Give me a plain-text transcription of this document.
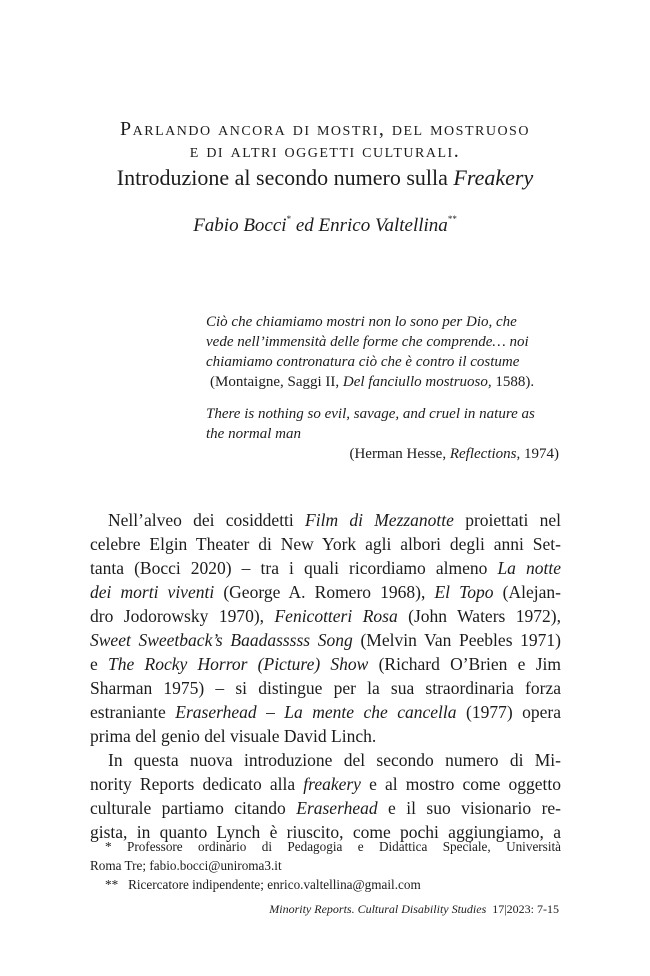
Parlando ancora di mostri, del mostruoso
e di altri oggetti culturali.
Introduzione al secondo numero sulla Freakery
Fabio Bocci* ed Enrico Valtellina**
Ciò che chiamiamo mostri non lo sono per Dio, che
vede nell’immensità delle forme che comprende… noi
chiamiamo contronatura ciò che è contro il costume
(Montaigne, Saggi II, Del fanciullo mostruoso, 1588).
There is nothing so evil, savage, and cruel in nature as
the normal man
(Herman Hesse, Reflections, 1974)
Nell’alveo dei cosiddetti Film di Mezzanotte proiettati nel
celebre Elgin Theater di New York agli albori degli anni Set-
tanta (Bocci 2020) – tra i quali ricordiamo almeno La notte
dei morti viventi (George A. Romero 1968), El Topo (Alejan-
dro Jodorowsky 1970), Fenicotteri Rosa (John Waters 1972),
Sweet Sweetback’s Baadasssss Song (Melvin Van Peebles 1971)
e The Rocky Horror (Picture) Show (Richard O’Brien e Jim
Sharman 1975) – si distingue per la sua straordinaria forza
estraniante Eraserhead – La mente che cancella (1977) opera
prima del genio del visuale David Linch.
In questa nuova introduzione del secondo numero di Mi-
nority Reports dedicato alla freakery e al mostro come oggetto
culturale partiamo citando Eraserhead e il suo visionario re-
gista, in quanto Lynch è riuscito, come pochi aggiungiamo, a
* Professore ordinario di Pedagogia e Didattica Speciale, Università
Roma Tre; fabio.bocci@uniroma3.it
** Ricercatore indipendente; enrico.valtellina@gmail.com
Minority Reports. Cultural Disability Studies 17|2023: 7-15
